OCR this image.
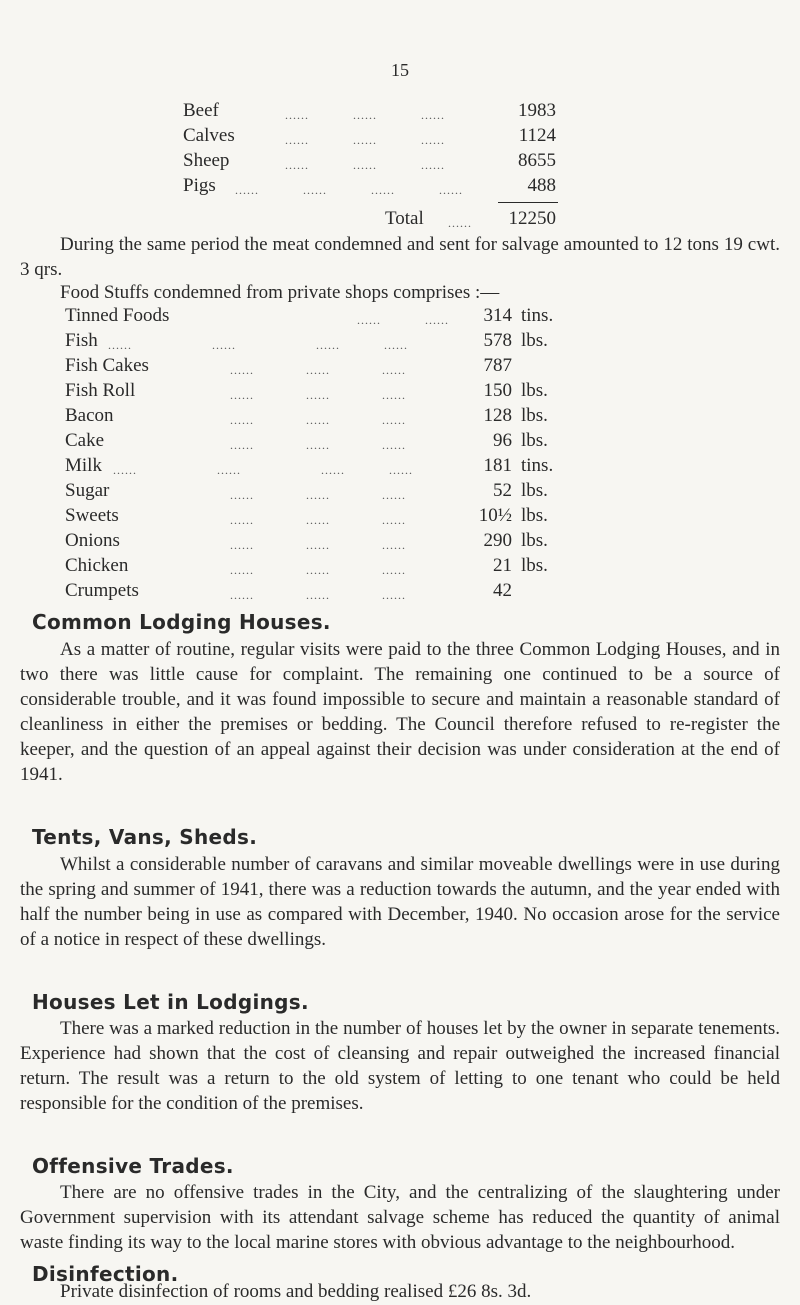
15
Beef	......           ......           ......	1983
Calves	......           ......           ......	1124
Sheep	......           ......           ......	8655
Pigs ......           ......           ......           ......	488
Total ......	12250

During the same period the meat condemned and sent for salvage amounted to 12 tons 19 cwt. 3 qrs.

Food Stuffs condemned from private shops comprises :—

Tinned Foods	......           ......	314 tins.
Fish ......                    ......                    ......           ......	578 lbs.
Fish Cakes	......             ......             ......	787
Fish Roll	......             ......             ......	150 lbs.
Bacon	......             ......             ......	128 lbs.
Cake	......             ......             ......	96 lbs.
Milk ......                    ......                    ......           ......	181 tins.
Sugar	......             ......             ......	52 lbs.
Sweets	......             ......             ......	10½ lbs.
Onions	......             ......             ......	290 lbs.
Chicken	......             ......             ......	21 lbs.
Crumpets	......             ......             ......	42
Common Lodging Houses.

As a matter of routine, regular visits were paid to the three Common Lodging Houses, and in two there was little cause for complaint. The remaining one continued to be a source of considerable trouble, and it was found impossible to secure and maintain a reasonable standard of cleanliness in either the premises or bedding. The Council therefore refused to re-register the keeper, and the question of an appeal against their decision was under consideration at the end of 1941.

Tents, Vans, Sheds.

Whilst a considerable number of caravans and similar moveable dwellings were in use during the spring and summer of 1941, there was a reduction towards the autumn, and the year ended with half the number being in use as compared with December, 1940. No occasion arose for the service of a notice in respect of these dwellings.

Houses Let in Lodgings.

There was a marked reduction in the number of houses let by the owner in separate tenements. Experience had shown that the cost of cleansing and repair outweighed the increased financial return. The result was a return to the old system of letting to one tenant who could be held responsible for the condition of the premises.

Offensive Trades.

There are no offensive trades in the City, and the centralizing of the slaughtering under Government supervision with its attendant salvage scheme has reduced the quantity of animal waste finding its way to the local marine stores with obvious advantage to the neighbourhood.

Disinfection.

Private disinfection of rooms and bedding realised £26 8s. 3d.
